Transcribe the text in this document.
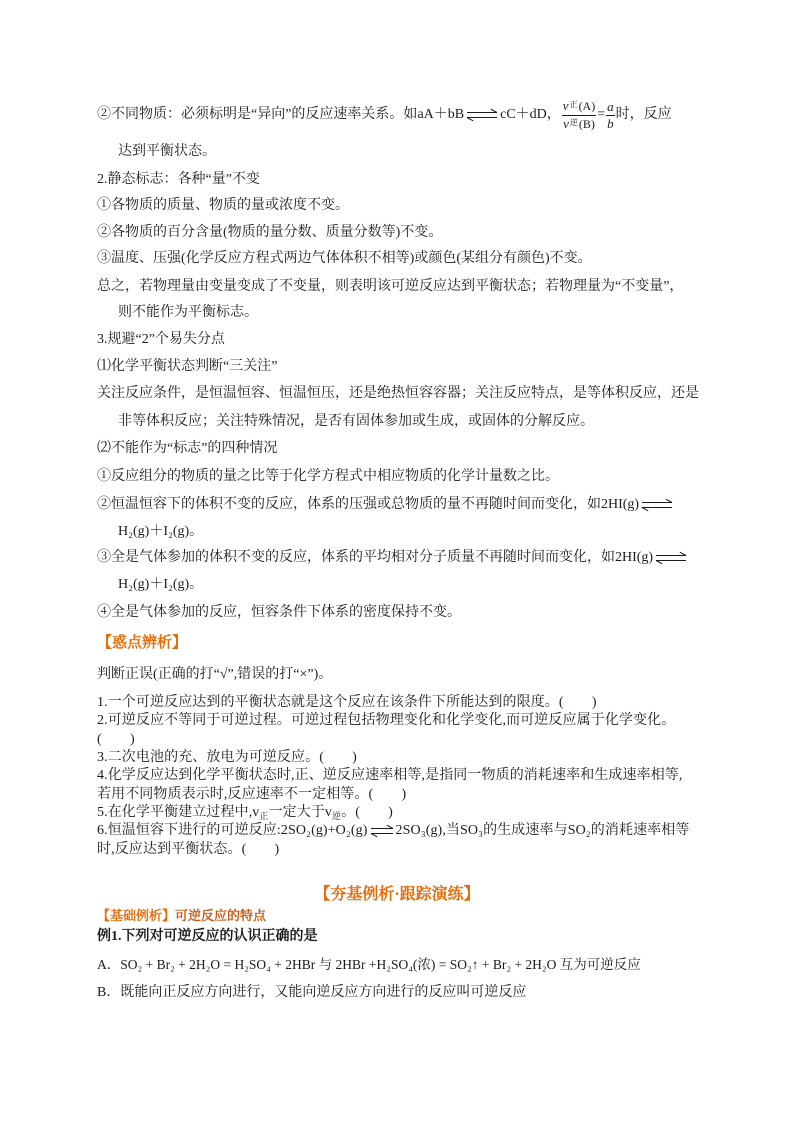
②不同物质：必须标明是“异向”的反应速率关系。如 aA＋bB	cC＋dD， $\frac{v^正(A)}{v^逆(B)} = \frac{a}{b}$ 时，反应
达到平衡状态。
2.静态标志：各种“量”不变
①各物质的质量、物质的量或浓度不变。
②各物质的百分含量(物质的量分数、质量分数等)不变。
③温度、压强(化学反应方程式两边气体体积不相等)或颜色(某组分有颜色)不变。
总之，若物理量由变量变成了不变量，则表明该可逆反应达到平衡状态；若物理量为“不变量”，
则不能作为平衡标志。
3.规避“2”个易失分点
⑴化学平衡状态判断“三关注”
关注反应条件，是恒温恒容、恒温恒压，还是绝热恒容容器；关注反应特点，是等体积反应，还是
非等体积反应；关注特殊情况，是否有固体参加或生成，或固体的分解反应。
⑵不能作为“标志”的四种情况
①反应组分的物质的量之比等于化学方程式中相应物质的化学计量数之比。
②恒温恒容下的体积不变的反应，体系的压强或总物质的量不再随时间而变化，如2HI(g)
H₂(g)＋I₂(g)。
③全是气体参加的体积不变的反应，体系的平均相对分子质量不再随时间而变化，如2HI(g)
H₂(g)＋I₂(g)。
④全是气体参加的反应，恒容条件下体系的密度保持不变。
【惑点辨析】
判断正误(正确的打“√”,错误的打“×”)。
1.一个可逆反应达到的平衡状态就是这个反应在该条件下所能达到的限度。(　　)
2.可逆反应不等同于可逆过程。可逆过程包括物理变化和化学变化,而可逆反应属于化学变化。
(　　)
3.二次电池的充、放电为可逆反应。(　　)
4.化学反应达到化学平衡状态时,正、逆反应速率相等,是指同一物质的消耗速率和生成速率相等,
若用不同物质表示时,反应速率不一定相等。(　　)
5.在化学平衡建立过程中$,v_正$一定大于$v_逆$。(　　)
6.恒温恒容下进行的可逆反应:2SO₂(g)+O₂(g) 2SO₃(g),当SO₃的生成速率与SO₂的消耗速率相等
时,反应达到平衡状态。(　　)
【夯基例析·跟踪演练】
【基础例析】可逆反应的特点
例1.下列对可逆反应的认识正确的是
A．SO₂ + Br₂ + 2H₂O = H₂SO₄ + 2HBr 与 2HBr +H₂SO₄(浓) = SO₂↑ + Br₂ + 2H₂O 互为可逆反应
B．既能向正反应方向进行，又能向逆反应方向进行的反应叫可逆反应
